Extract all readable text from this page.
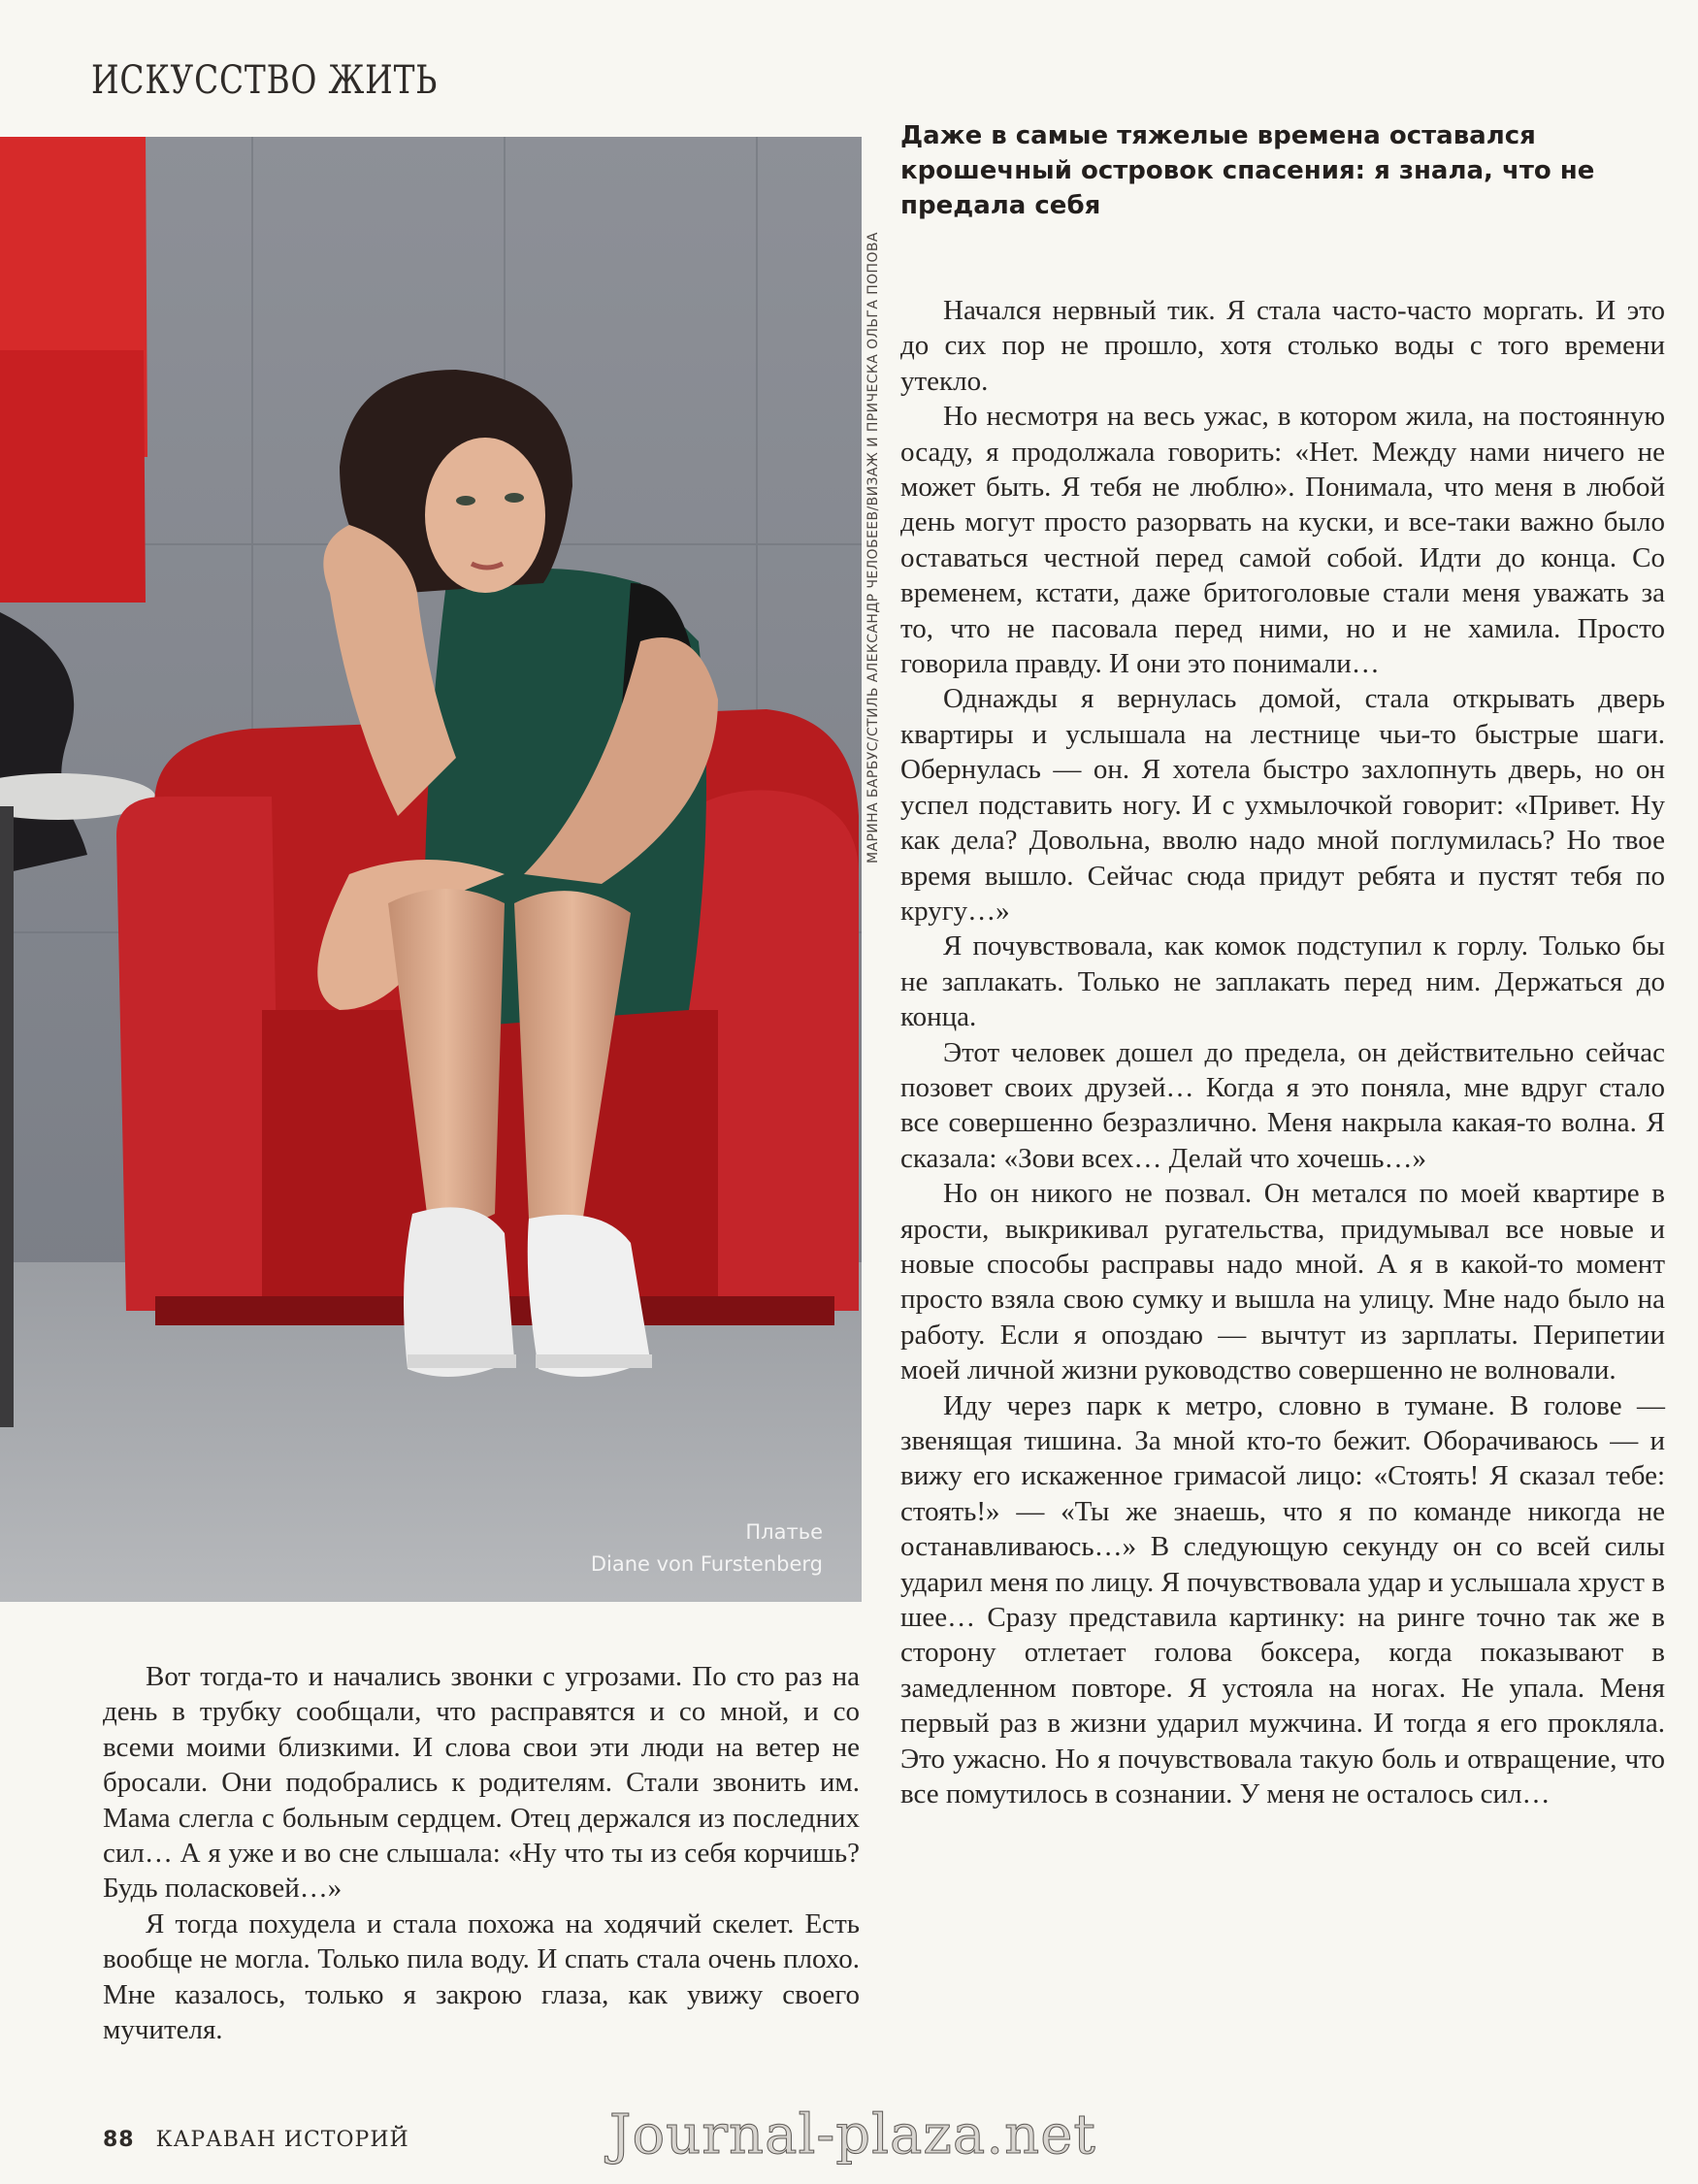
ИСКУССТВО ЖИТЬ
Платье
Diane von Furstenberg
МАРИНА БАРБУС/СТИЛЬ АЛЕКСАНДР ЧЕЛОБЕЕВ/ВИЗАЖ И ПРИЧЕСКА ОЛЬГА ПОПОВА

Даже в самые тяжелые времена оставался крошечный островок спасения: я знала, что не предала себя

Начался нервный тик. Я стала часто-часто моргать. И это до сих пор не прошло, хотя столько воды с того времени утекло.

Но несмотря на весь ужас, в котором жила, на постоянную осаду, я продолжала говорить: «Нет. Между нами ничего не может быть. Я тебя не люблю». Понимала, что меня в любой день могут просто разорвать на куски, и все-таки важно было оставаться честной перед самой собой. Идти до конца. Со временем, кстати, даже бритоголовые стали меня уважать за то, что не пасовала перед ними, но и не хамила. Просто говорила правду. И они это понимали…

Однажды я вернулась домой, стала открывать дверь квартиры и услышала на лестнице чьи-то быстрые шаги. Обернулась — он. Я хотела быстро захлопнуть дверь, но он успел подставить ногу. И с ухмылочкой говорит: «Привет. Ну как дела? Довольна, вволю надо мной поглумилась? Но твое время вышло. Сейчас сюда придут ребята и пустят тебя по кругу…»

Я почувствовала, как комок подступил к горлу. Только бы не заплакать. Только не заплакать перед ним. Держаться до конца.

Этот человек дошел до предела, он действительно сейчас позовет своих друзей… Когда я это поняла, мне вдруг стало все совершенно безразлично. Меня накрыла какая-то волна. Я сказала: «Зови всех… Делай что хочешь…»

Но он никого не позвал. Он метался по моей квартире в ярости, выкрикивал ругательства, придумывал все новые и новые способы расправы надо мной. А я в какой-то момент просто взяла свою сумку и вышла на улицу. Мне надо было на работу. Если я опоздаю — вычтут из зарплаты. Перипетии моей личной жизни руководство совершенно не волновали.

Иду через парк к метро, словно в тумане. В голове — звенящая тишина. За мной кто-то бежит. Оборачиваюсь — и вижу его искаженное гримасой лицо: «Стоять! Я сказал тебе: стоять!» — «Ты же знаешь, что я по команде никогда не останавливаюсь…» В следующую секунду он со всей силы ударил меня по лицу. Я почувствовала удар и услышала хруст в шее… Сразу представила картинку: на ринге точно так же в сторону отлетает голова боксера, когда показывают в замедленном повторе. Я устояла на ногах. Не упала. Меня первый раз в жизни ударил мужчина. И тогда я его прокляла. Это ужасно. Но я почувствовала такую боль и отвращение, что все помутилось в сознании. У меня не осталось сил…

Вот тогда-то и начались звонки с угрозами. По сто раз на день в трубку сообщали, что расправятся и со мной, и со всеми моими близкими. И слова свои эти люди на ветер не бросали. Они подобрались к родителям. Стали звонить им. Мама слегла с больным сердцем. Отец держался из последних сил… А я уже и во сне слышала: «Ну что ты из себя корчишь? Будь поласковей…»

Я тогда похудела и стала похожа на ходячий скелет. Есть вообще не могла. Только пила воду. И спать стала очень плохо. Мне казалось, только я закрою глаза, как увижу своего мучителя.

88 КАРАВАН ИСТОРИЙ	Journal-plaza.net
